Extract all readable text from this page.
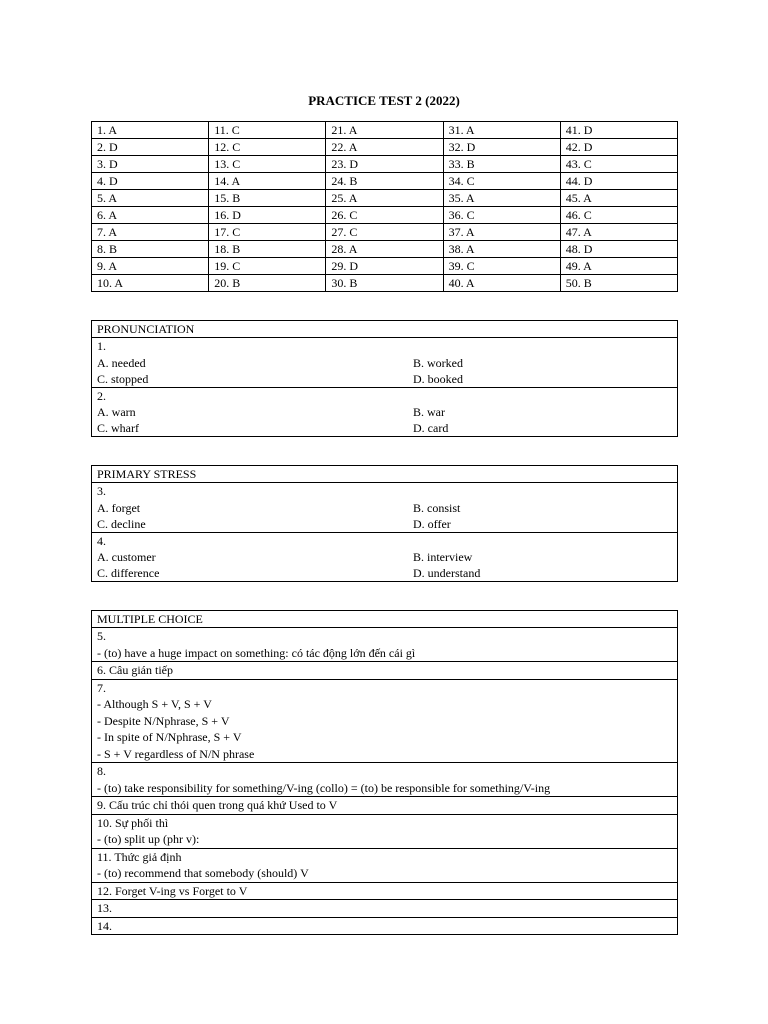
PRACTICE TEST 2 (2022)
1. A	11. C	21. A	31. A	41. D
2. D	12. C	22. A	32. D	42. D
3. D	13. C	23. D	33. B	43. C
4. D	14. A	24. B	34. C	44. D
5. A	15. B	25. A	35. A	45. A
6. A	16. D	26. C	36. C	46. C
7. A	17. C	27. C	37. A	47. A
8. B	18. B	28. A	38. A	48. D
9. A	19. C	29. D	39. C	49. A
10. A	20. B	30. B	40. A	50. B
PRONUNCIATION

1.
A. needed	B. worked
C. stopped	D. booked

2.
A. warn	B. war
C. wharf	D. card
PRIMARY STRESS

3.
A. forget	B. consist
C. decline	D. offer

4.
A. customer	B. interview
C. difference	D. understand
MULTIPLE CHOICE

5.
- (to) have a huge impact on something: có tác động lớn đến cái gì

6. Câu gián tiếp

7.
- Although S + V, S + V
- Despite N/Nphrase, S + V
- In spite of N/Nphrase, S + V
- S + V regardless of N/N phrase

8.
- (to) take responsibility for something/V-ing (collo) = (to) be responsible for something/V-ing

9. Cấu trúc chỉ thói quen trong quá khứ Used to V

10. Sự phối thì
- (to) split up (phr v):

11. Thức giả định
- (to) recommend that somebody (should) V

12. Forget V-ing vs Forget to V

13.

14.
